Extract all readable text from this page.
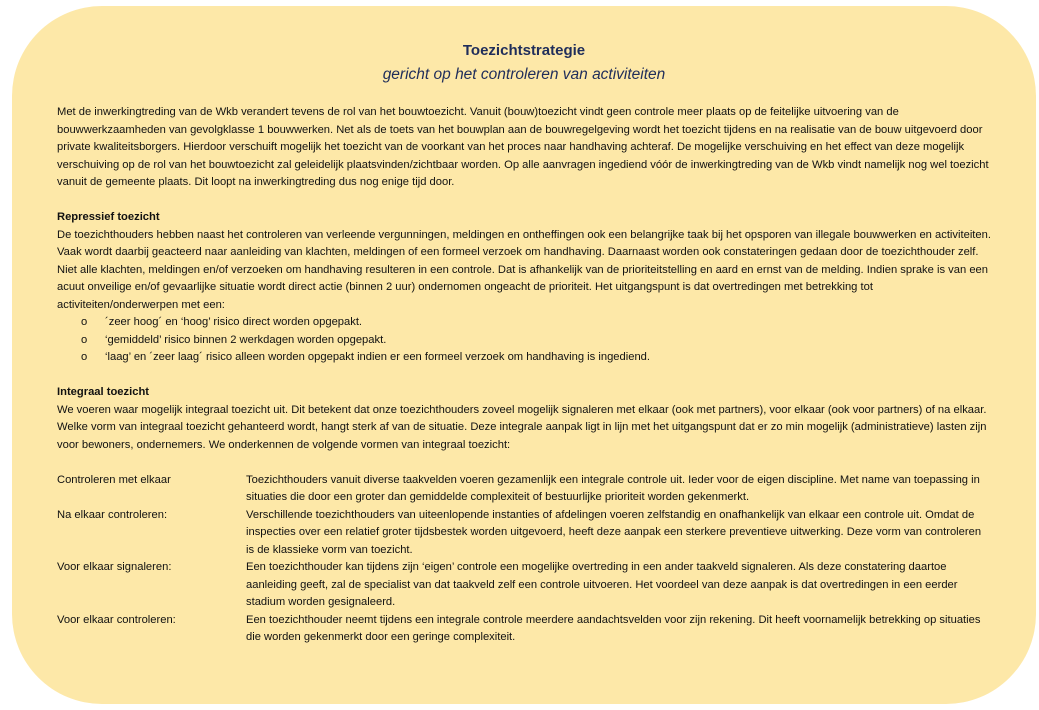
Toezichtstrategie
gericht op het controleren van activiteiten

Met de inwerkingtreding van de Wkb verandert tevens de rol van het bouwtoezicht. Vanuit (bouw)toezicht vindt geen controle meer plaats op de feitelijke uitvoering van de bouwwerkzaamheden van gevolgklasse 1 bouwwerken. Net als de toets van het bouwplan aan de bouwregelgeving wordt het toezicht tijdens en na realisatie van de bouw uitgevoerd door private kwaliteitsborgers. Hierdoor verschuift mogelijk het toezicht van de voorkant van het proces naar handhaving achteraf. De mogelijke verschuiving en het effect van deze mogelijk verschuiving op de rol van het bouwtoezicht zal geleidelijk plaatsvinden/zichtbaar worden. Op alle aanvragen ingediend vóór de inwerkingtreding van de Wkb vindt namelijk nog wel toezicht vanuit de gemeente plaats. Dit loopt na inwerkingtreding dus nog enige tijd door.

Repressief toezicht

De toezichthouders hebben naast het controleren van verleende vergunningen, meldingen en ontheffingen ook een belangrijke taak bij het opsporen van illegale bouwwerken en activiteiten. Vaak wordt daarbij geacteerd naar aanleiding van klachten, meldingen of een formeel verzoek om handhaving. Daarnaast worden ook constateringen gedaan door de toezichthouder zelf. Niet alle klachten, meldingen en/of verzoeken om handhaving resulteren in een controle. Dat is afhankelijk van de prioriteitstelling en aard en ernst van de melding. Indien sprake is van een acuut onveilige en/of gevaarlijke situatie wordt direct actie (binnen 2 uur) ondernomen ongeacht de prioriteit. Het uitgangspunt is dat overtredingen met betrekking tot activiteiten/onderwerpen met een:

o ´zeer hoog´ en ‘hoog’ risico direct worden opgepakt.
o ‘gemiddeld’ risico binnen 2 werkdagen worden opgepakt.
o ‘laag’ en ´zeer laag´ risico alleen worden opgepakt indien er een formeel verzoek om handhaving is ingediend.

Integraal toezicht

We voeren waar mogelijk integraal toezicht uit. Dit betekent dat onze toezichthouders zoveel mogelijk signaleren met elkaar (ook met partners), voor elkaar (ook voor partners) of na elkaar. Welke vorm van integraal toezicht gehanteerd wordt, hangt sterk af van de situatie. Deze integrale aanpak ligt in lijn met het uitgangspunt dat er zo min mogelijk (administratieve) lasten zijn voor bewoners, ondernemers. We onderkennen de volgende vormen van integraal toezicht:

Controleren met elkaar	Toezichthouders vanuit diverse taakvelden voeren gezamenlijk een integrale controle uit. Ieder voor de eigen discipline. Met name van toepassing in situaties die door een groter dan gemiddelde complexiteit of bestuurlijke prioriteit worden gekenmerkt.
Na elkaar controleren:	Verschillende toezichthouders van uiteenlopende instanties of afdelingen voeren zelfstandig en onafhankelijk van elkaar een controle uit. Omdat de inspecties over een relatief groter tijdsbestek worden uitgevoerd, heeft deze aanpak een sterkere preventieve uitwerking. Deze vorm van controleren is de klassieke vorm van toezicht.
Voor elkaar signaleren:	Een toezichthouder kan tijdens zijn ‘eigen’ controle een mogelijke overtreding in een ander taakveld signaleren. Als deze constatering daartoe aanleiding geeft, zal de specialist van dat taakveld zelf een controle uitvoeren. Het voordeel van deze aanpak is dat overtredingen in een eerder stadium worden gesignaleerd.
Voor elkaar controleren:	Een toezichthouder neemt tijdens een integrale controle meerdere aandachtsvelden voor zijn rekening. Dit heeft voornamelijk betrekking op situaties die worden gekenmerkt door een geringe complexiteit.
